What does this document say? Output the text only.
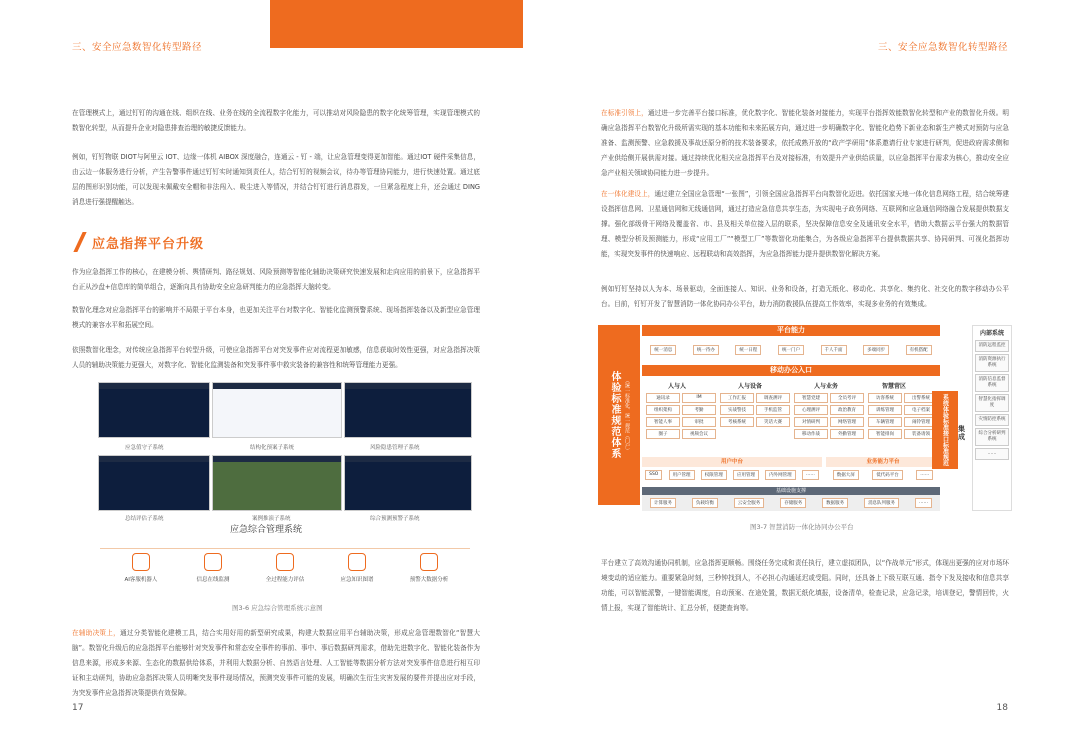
三、安全应急数智化转型路径	三、安全应急数智化转型路径
在管理模式上，通过钉钉的沟通在线、组织在线、业务在线的全流程数字化能力，可以推动对风险隐患的数字化统筹管理，实现管理模式的数智化转型，从而提升企业对隐患排查治理的敏捷反馈能力。
例如，钉钉物联 DIOT与阿里云 IOT、边缘一体机 AIBOX 深度融合，连通云 - 钉 - 端，让应急管理变得更加智能。通过IOT 硬件采集信息，由云边一体服务进行分析，产生告警事件通过钉钉实时通知到责任人，结合钉钉的视频会议，待办等管理协同能力，进行快速处置。通过底层的图形识别功能，可以发现未佩戴安全帽和非法闯入、吸尘进入等情况，并结合钉钉进行消息群发，一旦紧急程度上升，还会通过 DING 消息进行强提醒触达。
应急指挥平台升级
作为应急指挥工作的核心，在建模分析、舆情研判、路径规划、风险预测等智能化辅助决策研究快速发展和走向应用的前景下，应急指挥平台正从沙盘+信息库的简单组合，逐渐向具有协助安全应急研判能力的应急指挥大脑转变。
数智化理念对应急指挥平台的影响并不局限于平台本身，也更加关注平台对数字化、智能化监测预警系统、现场指挥装备以及新型应急管理模式的兼容水平和拓展空间。
依照数智化理念，对传统应急指挥平台转型升级，可使应急指挥平台对突发事件应对流程更加敏感，信息获取时效性更强，对应急指挥决策人员的辅助决策能力更强大，对数字化、智能化监测装备和突发事件事中救灾装备的兼容性和统筹管理能力更强。
应急值守子系统	结构化预案子系统	风险隐患管理子系统
总结评估子系统	案例推演子系统	综合预测预警子系统
应急综合管理系统
AI客服机器人	信息在线监测	全过程能力评估	应急知识图谱	预警大数据分析
图3-6 应急综合管理系统示意图
在辅助决策上，通过分类智能化建模工具，结合实用好用的新型研究成果，构建大数据应用平台辅助决策，形成应急管理数智化“智慧大脑”。数智化升级后的应急指挥平台能够针对突发事件和常态安全事件的事前、事中、事后数据研判需求，借助先进数字化、智能化装备作为信息来源，形成多来源、生态化的数据供给体系，并利用大数据分析、自然语言处理、人工智能等数据分析方法对突发事件信息进行相互印证和主动研判，协助应急指挥决策人员明晰突发事件现场情况，预测突发事件可能的发展，明确次生衍生灾害发展的要件并提出应对手段，为突发事件应急指挥决策提供有效保障。
17
在标准引领上，通过进一步完善平台接口标准，优化数字化、智能化装备对接能力，实现平台指挥效能数智化转型和产业的数智化升级。明确应急指挥平台数智化升级所需实现的基本功能和未来拓展方向，通过进一步明确数字化、智能化趋势下新业态和新生产模式对预防与应急准备、监测预警、应急救援及事故还原分析的技术装备要求，依托成熟开放的“政产学研用”体系邀请行业专家进行研判，促进政府需求侧和产业供给侧开展供需对接。通过持续优化相关应急指挥平台及对接标准，有效提升产业供给质量，以应急指挥平台需求为核心，推动安全应急产业相关领域协同能力进一步提升。
在一体化建设上，通过建立全国应急管理“一张图”，引领全国应急指挥平台向数智化迈进。依托国家天地一体化信息网络工程，结合统筹建设指挥信息网、卫星通信网和无线通信网，通过打造应急信息共享生态，为实现电子政务网络、互联网和应急通信网络融合发展提供数据支撑。强化部级骨干网络及覆盖省、市、县及相关单位接入层的联系，坚决保障信息安全及通讯安全水平，借助大数据云平台强大的数据管理、模型分析及预测能力，形成“应用工厂”“模型工厂”等数智化功能集合，为各级应急指挥平台提供数据共享、协同研判、可视化指挥功能，实现突发事件的快速响应、远程联动和高效指挥，为应急指挥能力提升提供数智化解决方案。
例如钉钉坚持以人为本、场景驱动，全面连接人、知识、业务和设备，打造无纸化、移动化、共享化、集约化、社交化的数字移动办公平台。目前，钉钉开发了智慧消防一体化协同办公平台，助力消防救援队伍提高工作效率，实现多业务的有效集成。
体验标准规范体系 （统一标准化、统一规范（门户）
平台能力
统一消息	统一待办	统一日程	统一门户	千人千面	多端同步	有机搭配
移动办公入口
人与人	人与设备	人与业务	智慧营区
通讯录	IM
组织架构	考勤
智能人事	审批
圈子	视频会议
工作汇报	调查测评
实战警技	手机监管
考核系统	笑话大赛
智慧党建	全员考评
心理测评	政治教育
对情研判	网络管理
移动作战	外勤管理
访客系统	出警系统
训练管理	电子档案
车辆管理	闹铃管理
智能排岗	装备请领
用户中台	业务能力平台
SSO	用户管理	权限管理	应用管理	内外网管理	……	数据大屏	低代码平台	……
基础设施支撑
计算服务	负载均衡	云安全服务	存储服务	数据服务	消息队列服务	……
系统体验标准接口标准规范 集成
内部系统
消防远程监控
消防资源执行系统
消防信息监督系统
智慧化指挥调度
灾情防控系统
综合分析研判系统
……
图3-7 智慧消防一体化协同办公平台
平台建立了高效沟通协同机制，应急指挥更顺畅。围绕任务完成和责任执行，建立虚拟团队，以“作战单元”形式，体现出更强的应对市场环境变动的适应能力。重要紧急时刻，三秒钟找到人，不必担心沟通延迟或受阻。同时，还具备上下级互联互通、指令下发及接收和信息共享功能，可以智能派警，一键智能调度，自动预案、在途处置，数据无纸化填报，设备清单，检查记录，应急记录，培训登记，警情回传，火情上报，实现了智能统计、汇总分析，便捷查询等。
18
